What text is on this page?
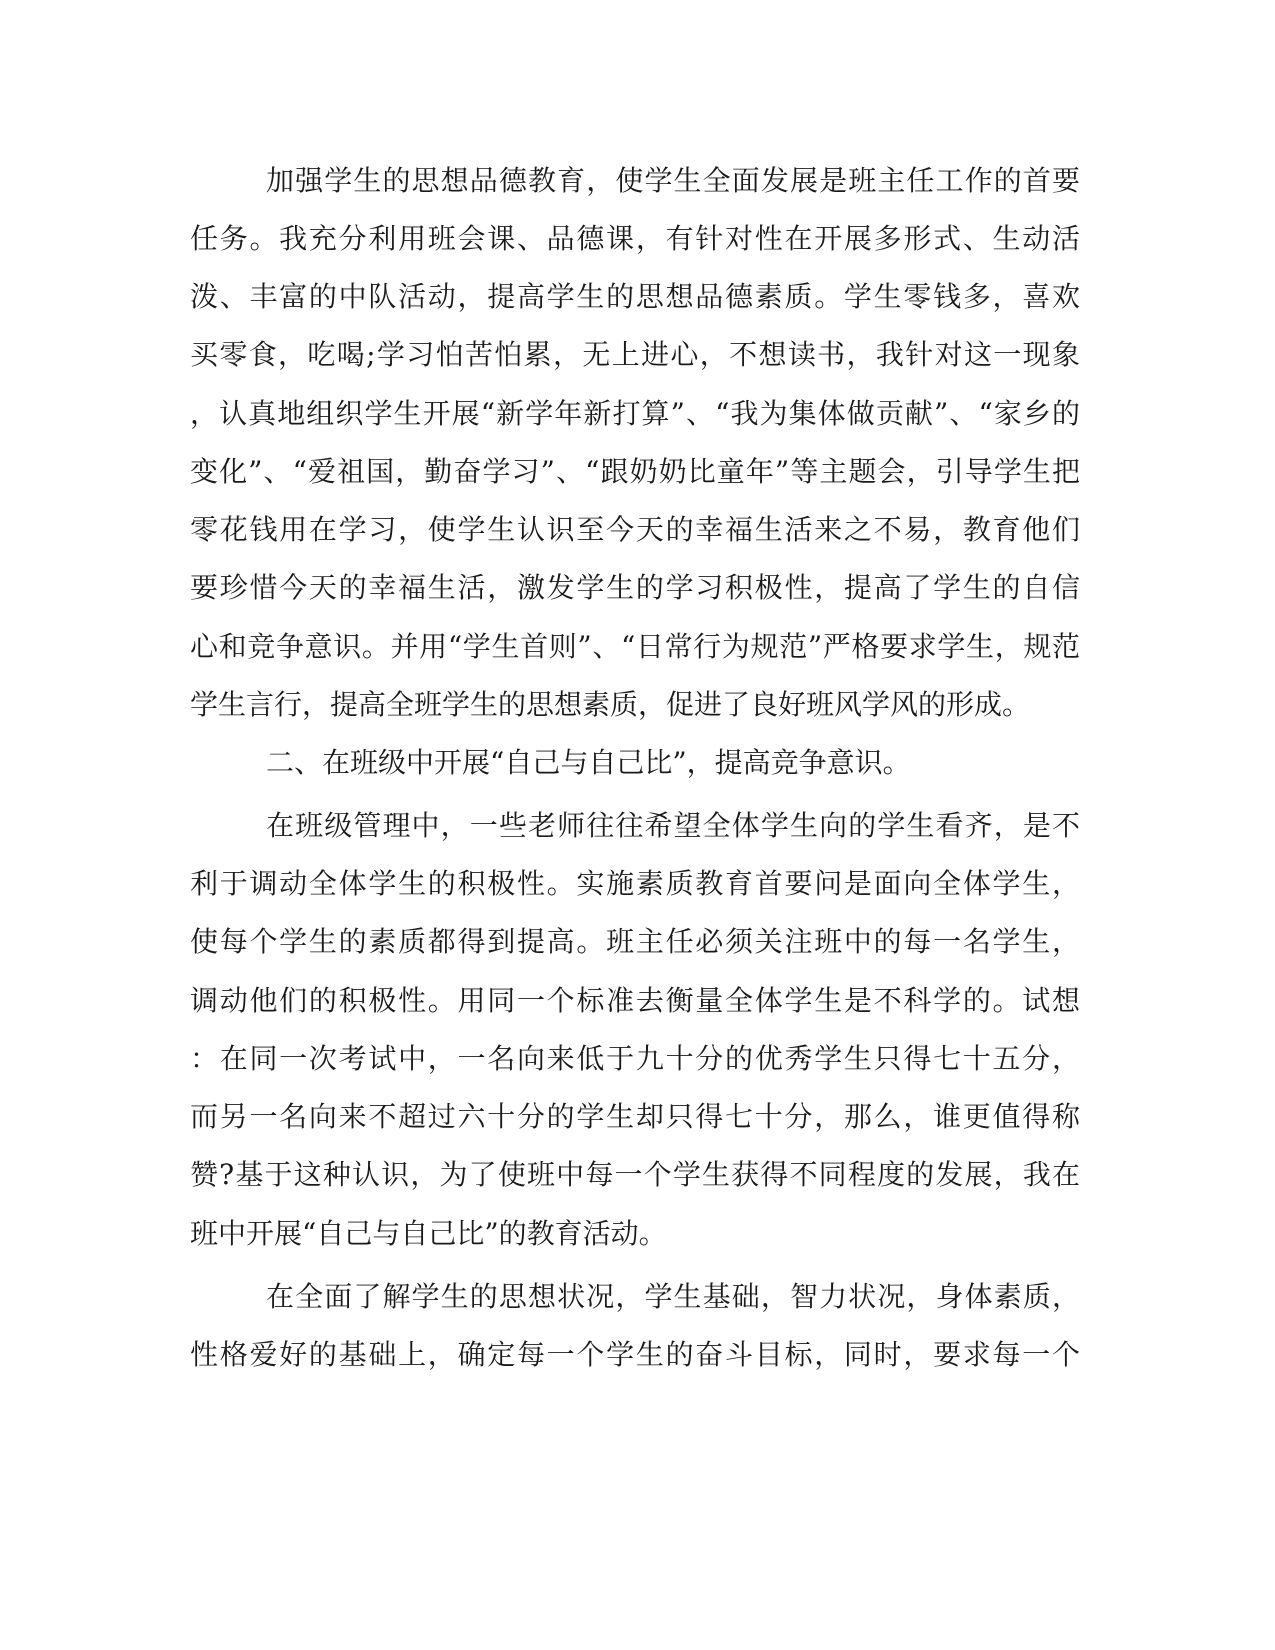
加强学生的思想品德教育，使学生全面发展是班主任工作的首要

任务。我充分利用班会课、品德课，有针对性在开展多形式、生动活

泼、丰富的中队活动，提高学生的思想品德素质。学生零钱多，喜欢

买零食，吃喝;学习怕苦怕累，无上进心，不想读书，我针对这一现象

，认真地组织学生开展“新学年新打算”、“我为集体做贡献”、“家乡的

变化”、“爱祖国，勤奋学习”、“跟奶奶比童年”等主题会，引导学生把

零花钱用在学习，使学生认识至今天的幸福生活来之不易，教育他们

要珍惜今天的幸福生活，激发学生的学习积极性，提高了学生的自信

心和竞争意识。并用“学生首则”、“日常行为规范”严格要求学生，规范

学生言行，提高全班学生的思想素质，促进了良好班风学风的形成。

二、在班级中开展“自己与自己比”，提高竞争意识。

在班级管理中，一些老师往往希望全体学生向的学生看齐，是不

利于调动全体学生的积极性。实施素质教育首要问是面向全体学生，

使每个学生的素质都得到提高。班主任必须关注班中的每一名学生，

调动他们的积极性。用同一个标准去衡量全体学生是不科学的。试想

：在同一次考试中，一名向来低于九十分的优秀学生只得七十五分，

而另一名向来不超过六十分的学生却只得七十分，那么，谁更值得称

赞?基于这种认识，为了使班中每一个学生获得不同程度的发展，我在

班中开展“自己与自己比”的教育活动。

在全面了解学生的思想状况，学生基础，智力状况，身体素质，

性格爱好的基础上，确定每一个学生的奋斗目标，同时，要求每一个
